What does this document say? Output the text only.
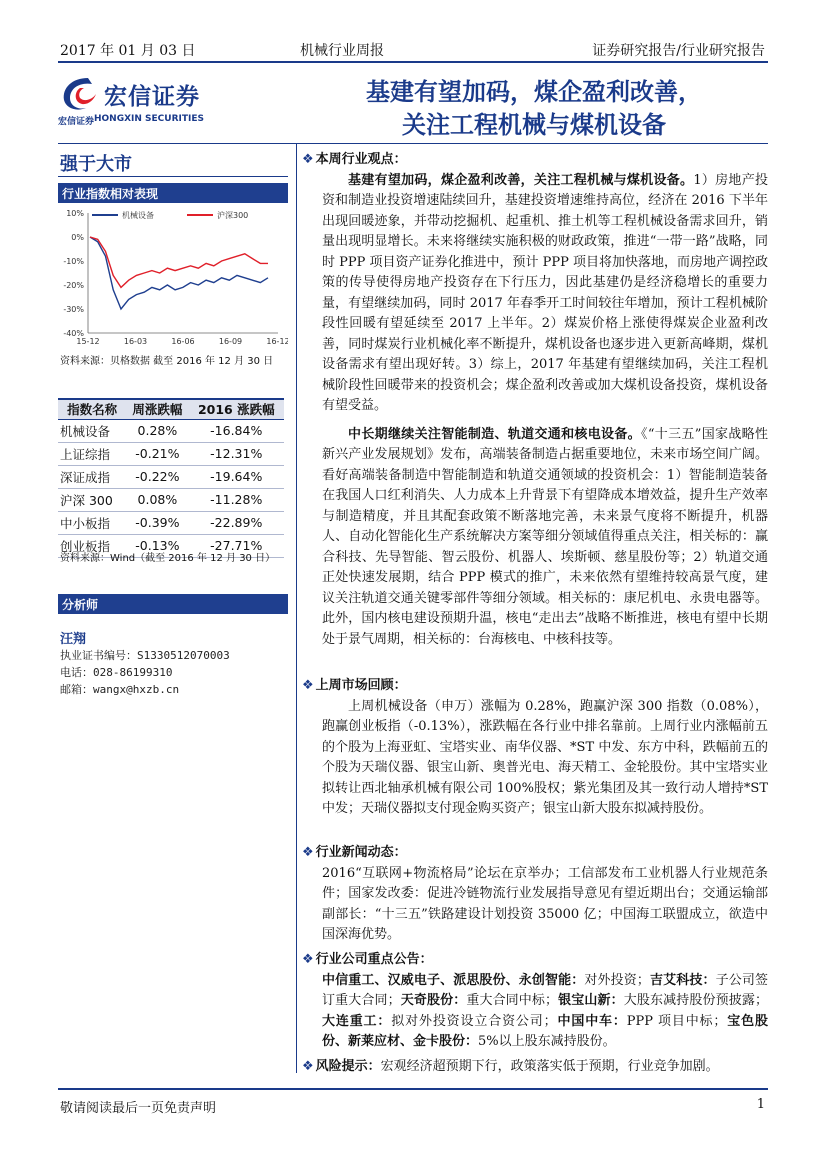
2017 年 01 月 03 日	机械行业周报	证券研究报告/行业研究报告
宏信证券
宏信证券 HONGXIN SECURITIES
基建有望加码，煤企盈利改善，
关注工程机械与煤机设备
强于大市
行业指数相对表现
10%
0%
-10%
-20%
-30%
-40%
15-12	16-03	16-06	16-09	16-12
机械设备	沪深300
资料来源：贝格数据 截至 2016 年 12 月 30 日
指数名称	周涨跌幅	2016 涨跌幅
机械设备	0.28%	-16.84%
上证综指	-0.21%	-12.31%
深证成指	-0.22%	-19.64%
沪深 300	0.08%	-11.28%
中小板指	-0.39%	-22.89%
创业板指	-0.13%	-27.71%
资料来源：Wind（截至 2016 年 12 月 30 日）
分析师
汪翔
执业证书编号：S1330512070003
电话：028-86199310
邮箱：wangx@hxzb.cn
❖ 本周行业观点：

基建有望加码，煤企盈利改善，关注工程机械与煤机设备。1）房地产投资和制造业投资增速陆续回升，基建投资增速维持高位，经济在 2016 下半年出现回暖迹象，并带动挖掘机、起重机、推土机等工程机械设备需求回升，销量出现明显增长。未来将继续实施积极的财政政策，推进“一带一路”战略，同时 PPP 项目资产证券化推进中，预计 PPP 项目将加快落地，而房地产调控政策的传导使得房地产投资存在下行压力，因此基建仍是经济稳增长的重要力量，有望继续加码，同时 2017 年春季开工时间较往年增加，预计工程机械阶段性回暖有望延续至 2017 上半年。2）煤炭价格上涨使得煤炭企业盈利改善，同时煤炭行业机械化率不断提升，煤机设备也逐步进入更新高峰期，煤机设备需求有望出现好转。3）综上，2017 年基建有望继续加码，关注工程机械阶段性回暖带来的投资机会；煤企盈利改善或加大煤机设备投资，煤机设备有望受益。

中长期继续关注智能制造、轨道交通和核电设备。《“十三五”国家战略性新兴产业发展规划》发布，高端装备制造占据重要地位，未来市场空间广阔。看好高端装备制造中智能制造和轨道交通领域的投资机会：1）智能制造装备在我国人口红利消失、人力成本上升背景下有望降成本增效益，提升生产效率与制造精度，并且其配套政策不断落地完善，未来景气度将不断提升，机器人、自动化智能化生产系统解决方案等细分领域值得重点关注，相关标的：赢合科技、先导智能、智云股份、机器人、埃斯顿、慈星股份等；2）轨道交通正处快速发展期，结合 PPP 模式的推广，未来依然有望维持较高景气度，建议关注轨道交通关键零部件等细分领域。相关标的：康尼机电、永贵电器等。此外，国内核电建设预期升温，核电“走出去”战略不断推进，核电有望中长期处于景气周期，相关标的：台海核电、中核科技等。

❖ 上周市场回顾：

上周机械设备（申万）涨幅为 0.28%，跑赢沪深 300 指数（0.08%），跑赢创业板指（-0.13%），涨跌幅在各行业中排名靠前。上周行业内涨幅前五的个股为上海亚虹、宝塔实业、南华仪器、*ST 中发、东方中科，跌幅前五的个股为天瑞仪器、银宝山新、奥普光电、海天精工、金轮股份。其中宝塔实业拟转让西北轴承机械有限公司 100%股权；紫光集团及其一致行动人增持*ST 中发；天瑞仪器拟支付现金购买资产；银宝山新大股东拟减持股份。

❖ 行业新闻动态：

2016“互联网+物流格局”论坛在京举办；工信部发布工业机器人行业规范条件；国家发改委：促进冷链物流行业发展指导意见有望近期出台；交通运输部副部长：“十三五”铁路建设计划投资 35000 亿；中国海工联盟成立，欲造中国深海优势。

❖ 行业公司重点公告：

中信重工、汉威电子、派思股份、永创智能：对外投资；吉艾科技：子公司签订重大合同；天奇股份：重大合同中标；银宝山新：大股东减持股份预披露；大连重工：拟对外投资设立合资公司；中国中车：PPP 项目中标；宝色股份、新莱应材、金卡股份：5%以上股东减持股份。

❖ 风险提示：宏观经济超预期下行，政策落实低于预期，行业竞争加剧。
敬请阅读最后一页免责声明	1
